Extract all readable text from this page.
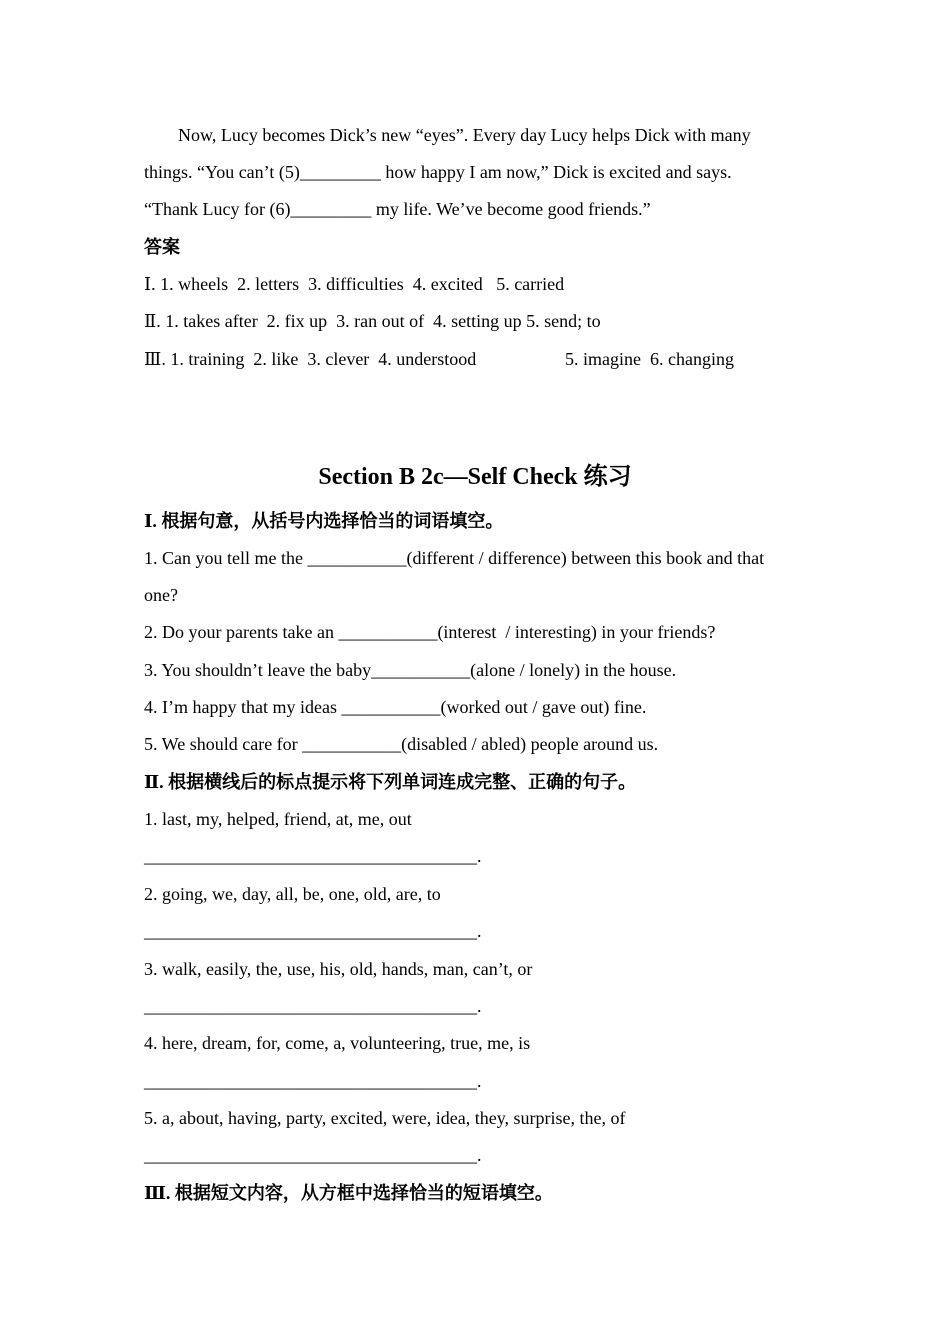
Now, Lucy becomes Dick’s new “eyes”. Every day Lucy helps Dick with many
things. “You can’t (5)_________ how happy I am now,” Dick is excited and says.
“Thank Lucy for (6)_________ my life. We’ve become good friends.”
答案
Ⅰ. 1. wheels  2. letters  3. difficulties  4. excited   5. carried
Ⅱ. 1. takes after  2. fix up  3. ran out of  4. setting up 5. send; to
Ⅲ. 1. training  2. like  3. clever  4. understood	5. imagine  6. changing
Section B 2c—Self Check 练习
Ⅰ. 根据句意，从括号内选择恰当的词语填空。
1. Can you tell me the ___________(different / difference) between this book and that
one?
2. Do your parents take an ___________(interest  / interesting) in your friends?
3. You shouldn’t leave the baby___________(alone / lonely) in the house.
4. I’m happy that my ideas ___________(worked out / gave out) fine.
5. We should care for ___________(disabled / abled) people around us.
Ⅱ. 根据横线后的标点提示将下列单词连成完整、正确的句子。
1. last, my, helped, friend, at, me, out
_____________________________________.
2. going, we, day, all, be, one, old, are, to
_____________________________________.
3. walk, easily, the, use, his, old, hands, man, can’t, or
_____________________________________.
4. here, dream, for, come, a, volunteering, true, me, is
_____________________________________.
5. a, about, having, party, excited, were, idea, they, surprise, the, of
_____________________________________.
Ⅲ. 根据短文内容，从方框中选择恰当的短语填空。
